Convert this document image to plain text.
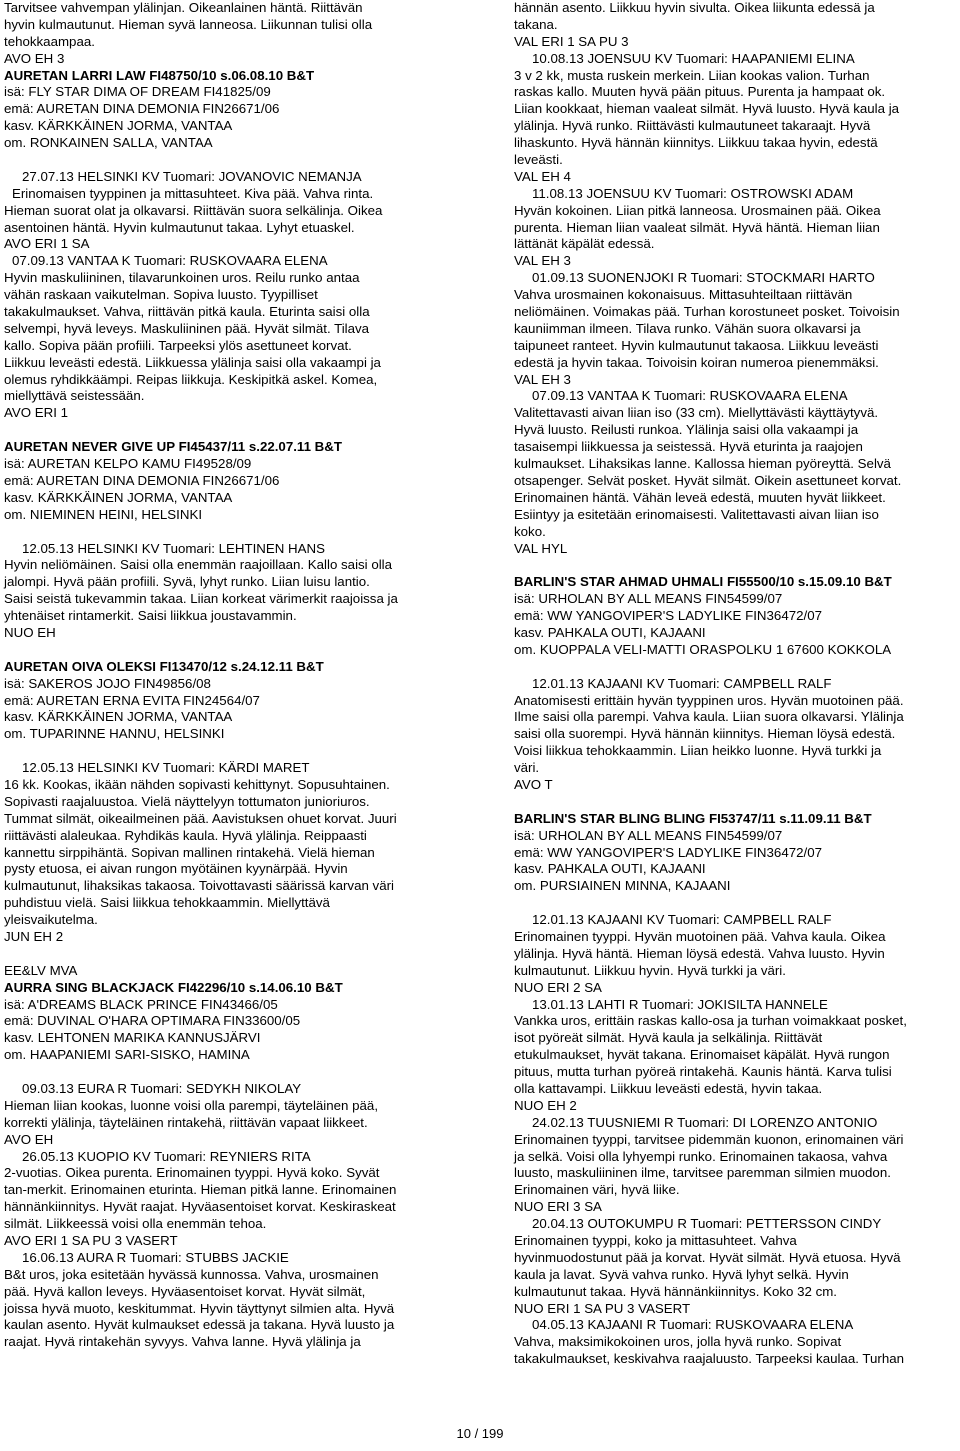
Tarvitsee vahvempan ylälinjan. Oikeanlainen häntä. Riittävän
hyvin kulmautunut. Hieman syvä lanneosa. Liikunnan tulisi olla
tehokkaampaa.
AVO EH 3
AURETAN LARRI LAW FI48750/10 s.06.08.10 B&T
isä: FLY STAR DIMA OF DREAM FI41825/09
emä: AURETAN DINA DEMONIA FIN26671/06
kasv. KÄRKKÄINEN JORMA, VANTAA
om. RONKAINEN SALLA, VANTAA
27.07.13 HELSINKI KV Tuomari: JOVANOVIC NEMANJA
Erinomaisen tyyppinen ja mittasuhteet. Kiva pää. Vahva rinta.
Hieman suorat olat ja olkavarsi. Riittävän suora selkälinja. Oikea
asentoinen häntä. Hyvin kulmautunut takaa. Lyhyt etuaskel.
AVO ERI 1 SA
07.09.13 VANTAA K Tuomari: RUSKOVAARA ELENA
Hyvin maskuliininen, tilavarunkoinen uros. Reilu runko antaa
vähän raskaan vaikutelman. Sopiva luusto. Tyypilliset
takakulmaukset. Vahva, riittävän pitkä kaula. Eturinta saisi olla
selvempi, hyvä leveys. Maskuliininen pää. Hyvät silmät. Tilava
kallo. Sopiva pään profiili. Tarpeeksi ylös asettuneet korvat.
Liikkuu leveästi edestä. Liikkuessa ylälinja saisi olla vakaampi ja
olemus ryhdikkäämpi. Reipas liikkuja. Keskipitkä askel. Komea,
miellyttävä seistessään.
AVO ERI 1
AURETAN NEVER GIVE UP FI45437/11 s.22.07.11 B&T
isä: AURETAN KELPO KAMU FI49528/09
emä: AURETAN DINA DEMONIA FIN26671/06
kasv. KÄRKKÄINEN JORMA, VANTAA
om. NIEMINEN HEINI, HELSINKI
12.05.13 HELSINKI KV Tuomari: LEHTINEN HANS
Hyvin neliömäinen. Saisi olla enemmän raajoillaan. Kallo saisi olla
jalompi. Hyvä pään profiili. Syvä, lyhyt runko. Liian luisu lantio.
Saisi seistä tukevammin takaa. Liian korkeat värimerkit raajoissa ja
yhtenäiset rintamerkit. Saisi liikkua joustavammin.
NUO EH
AURETAN OIVA OLEKSI FI13470/12 s.24.12.11 B&T
isä: SAKEROS JOJO FIN49856/08
emä: AURETAN ERNA EVITA FIN24564/07
kasv. KÄRKKÄINEN JORMA, VANTAA
om. TUPARINNE HANNU, HELSINKI
12.05.13 HELSINKI KV Tuomari: KÄRDI MARET
16 kk. Kookas, ikään nähden sopivasti kehittynyt. Sopusuhtainen.
Sopivasti raajaluustoa. Vielä näyttelyyn tottumaton junioriuros.
Tummat silmät, oikeailmeinen pää. Aavistuksen ohuet korvat. Juuri
riittävästi alaleukaa. Ryhdikäs kaula. Hyvä ylälinja. Reippaasti
kannettu sirppihäntä. Sopivan mallinen rintakehä. Vielä hieman
pysty etuosa, ei aivan rungon myötäinen kyynärpää. Hyvin
kulmautunut, lihaksikas takaosa. Toivottavasti säärissä karvan väri
puhdistuu vielä. Saisi liikkua tehokkaammin. Miellyttävä
yleisvaikutelma.
JUN EH 2
EE&LV MVA
AURRA SING BLACKJACK FI42296/10 s.14.06.10 B&T
isä: A'DREAMS BLACK PRINCE FIN43466/05
emä: DUVINAL O'HARA OPTIMARA FIN33600/05
kasv. LEHTONEN MARIKA KANNUSJÄRVI
om. HAAPANIEMI SARI-SISKO, HAMINA
09.03.13 EURA R Tuomari: SEDYKH NIKOLAY
Hieman liian kookas, luonne voisi olla parempi, täyteläinen pää,
korrekti ylälinja, täyteläinen rintakehä, riittävän vapaat liikkeet.
AVO EH
26.05.13 KUOPIO KV Tuomari: REYNIERS RITA
2-vuotias. Oikea purenta. Erinomainen tyyppi. Hyvä koko. Syvät
tan-merkit. Erinomainen eturinta. Hieman pitkä lanne. Erinomainen
hännänkiinnitys. Hyvät raajat. Hyväasentoiset korvat. Keskiraskeat
silmät. Liikkeessä voisi olla enemmän tehoa.
AVO ERI 1 SA PU 3 VASERT
16.06.13 AURA R Tuomari: STUBBS JACKIE
B&t uros, joka esitetään hyvässä kunnossa. Vahva, urosmainen
pää. Hyvä kallon leveys. Hyväasentoiset korvat. Hyvät silmät,
joissa hyvä muoto, keskitummat. Hyvin täyttynyt silmien alta. Hyvä
kaulan asento. Hyvät kulmaukset edessä ja takana. Hyvä luusto ja
raajat. Hyvä rintakehän syvyys. Vahva lanne. Hyvä ylälinja ja
hännän asento. Liikkuu hyvin sivulta. Oikea liikunta edessä ja
takana.
VAL ERI 1 SA PU 3
10.08.13 JOENSUU KV Tuomari: HAAPANIEMI ELINA
3 v 2 kk, musta ruskein merkein. Liian kookas valion. Turhan
raskas kallo. Muuten hyvä pään pituus. Purenta ja hampaat ok.
Liian kookkaat, hieman vaaleat silmät. Hyvä luusto. Hyvä kaula ja
ylälinja. Hyvä runko. Riittävästi kulmautuneet takaraajt. Hyvä
lihaskunto. Hyvä hännän kiinnitys. Liikkuu takaa hyvin, edestä
leveästi.
VAL EH 4
11.08.13 JOENSUU KV Tuomari: OSTROWSKI ADAM
Hyvän kokoinen. Liian pitkä lanneosa. Urosmainen pää. Oikea
purenta. Hieman liian vaaleat silmät. Hyvä häntä. Hieman liian
lättänät käpälät edessä.
VAL EH 3
01.09.13 SUONENJOKI R Tuomari: STOCKMARI HARTO
Vahva urosmainen kokonaisuus. Mittasuhteiltaan riittävän
neliömäinen. Voimakas pää. Turhan korostuneet posket. Toivoisin
kauniimman ilmeen. Tilava runko. Vähän suora olkavarsi ja
taipuneet ranteet. Hyvin kulmautunut takaosa. Liikkuu leveästi
edestä ja hyvin takaa. Toivoisin koiran numeroa pienemmäksi.
VAL EH 3
07.09.13 VANTAA K Tuomari: RUSKOVAARA ELENA
Valitettavasti aivan liian iso (33 cm). Miellyttävästi käyttäytyvä.
Hyvä luusto. Reilusti runkoa. Ylälinja saisi olla vakaampi ja
tasaisempi liikkuessa ja seistessä. Hyvä eturinta ja raajojen
kulmaukset. Lihaksikas lanne. Kallossa hieman pyöreyttä. Selvä
otsapenger. Selvät posket. Hyvät silmät. Oikein asettuneet korvat.
Erinomainen häntä. Vähän leveä edestä, muuten hyvät liikkeet.
Esiintyy ja esitetään erinomaisesti. Valitettavasti aivan liian iso
koko.
VAL HYL
BARLIN'S STAR AHMAD UHMALI FI55500/10 s.15.09.10 B&T
isä: URHOLAN BY ALL MEANS FIN54599/07
emä: WW YANGOVIPER'S LADYLIKE FIN36472/07
kasv. PAHKALA OUTI, KAJAANI
om. KUOPPALA VELI-MATTI ORASPOLKU 1 67600 KOKKOLA
12.01.13 KAJAANI KV Tuomari: CAMPBELL RALF
Anatomisesti erittäin hyvän tyyppinen uros. Hyvän muotoinen pää.
Ilme saisi olla parempi. Vahva kaula. Liian suora olkavarsi. Ylälinja
saisi olla suorempi. Hyvä hännän kiinnitys. Hieman löysä edestä.
Voisi liikkua tehokkaammin. Liian heikko luonne. Hyvä turkki ja
väri.
AVO T
BARLIN'S STAR BLING BLING FI53747/11 s.11.09.11 B&T
isä: URHOLAN BY ALL MEANS FIN54599/07
emä: WW YANGOVIPER'S LADYLIKE FIN36472/07
kasv. PAHKALA OUTI, KAJAANI
om. PURSIAINEN MINNA, KAJAANI
12.01.13 KAJAANI KV Tuomari: CAMPBELL RALF
Erinomainen tyyppi. Hyvän muotoinen pää. Vahva kaula. Oikea
ylälinja. Hyvä häntä. Hieman löysä edestä. Vahva luusto. Hyvin
kulmautunut. Liikkuu hyvin. Hyvä turkki ja väri.
NUO ERI 2 SA
13.01.13 LAHTI R Tuomari: JOKISILTA HANNELE
Vankka uros, erittäin raskas kallo-osa ja turhan voimakkaat posket,
isot pyöreät silmät. Hyvä kaula ja selkälinja. Riittävät
etukulmaukset, hyvät takana. Erinomaiset käpälät. Hyvä rungon
pituus, mutta turhan pyöreä rintakehä. Kaunis häntä. Karva tulisi
olla kattavampi. Liikkuu leveästi edestä, hyvin takaa.
NUO EH 2
24.02.13 TUUSNIEMI R Tuomari: DI LORENZO ANTONIO
Erinomainen tyyppi, tarvitsee pidemmän kuonon, erinomainen väri
ja selkä. Voisi olla lyhyempi runko. Erinomainen takaosa, vahva
luusto, maskuliininen ilme, tarvitsee paremman silmien muodon.
Erinomainen väri, hyvä liike.
NUO ERI 3 SA
20.04.13 OUTOKUMPU R Tuomari: PETTERSSON CINDY
Erinomainen tyyppi, koko ja mittasuhteet. Vahva
hyvinmuodostunut pää ja korvat. Hyvät silmät. Hyvä etuosa. Hyvä
kaula ja lavat. Syvä vahva runko. Hyvä lyhyt selkä. Hyvin
kulmautunut takaa. Hyvä hännänkiinnitys. Koko 32 cm.
NUO ERI 1 SA PU 3 VASERT
04.05.13 KAJAANI R Tuomari: RUSKOVAARA ELENA
Vahva, maksimikokoinen uros, jolla hyvä runko. Sopivat
takakulmaukset, keskivahva raajaluusto. Tarpeeksi kaulaa. Turhan
10 / 199
